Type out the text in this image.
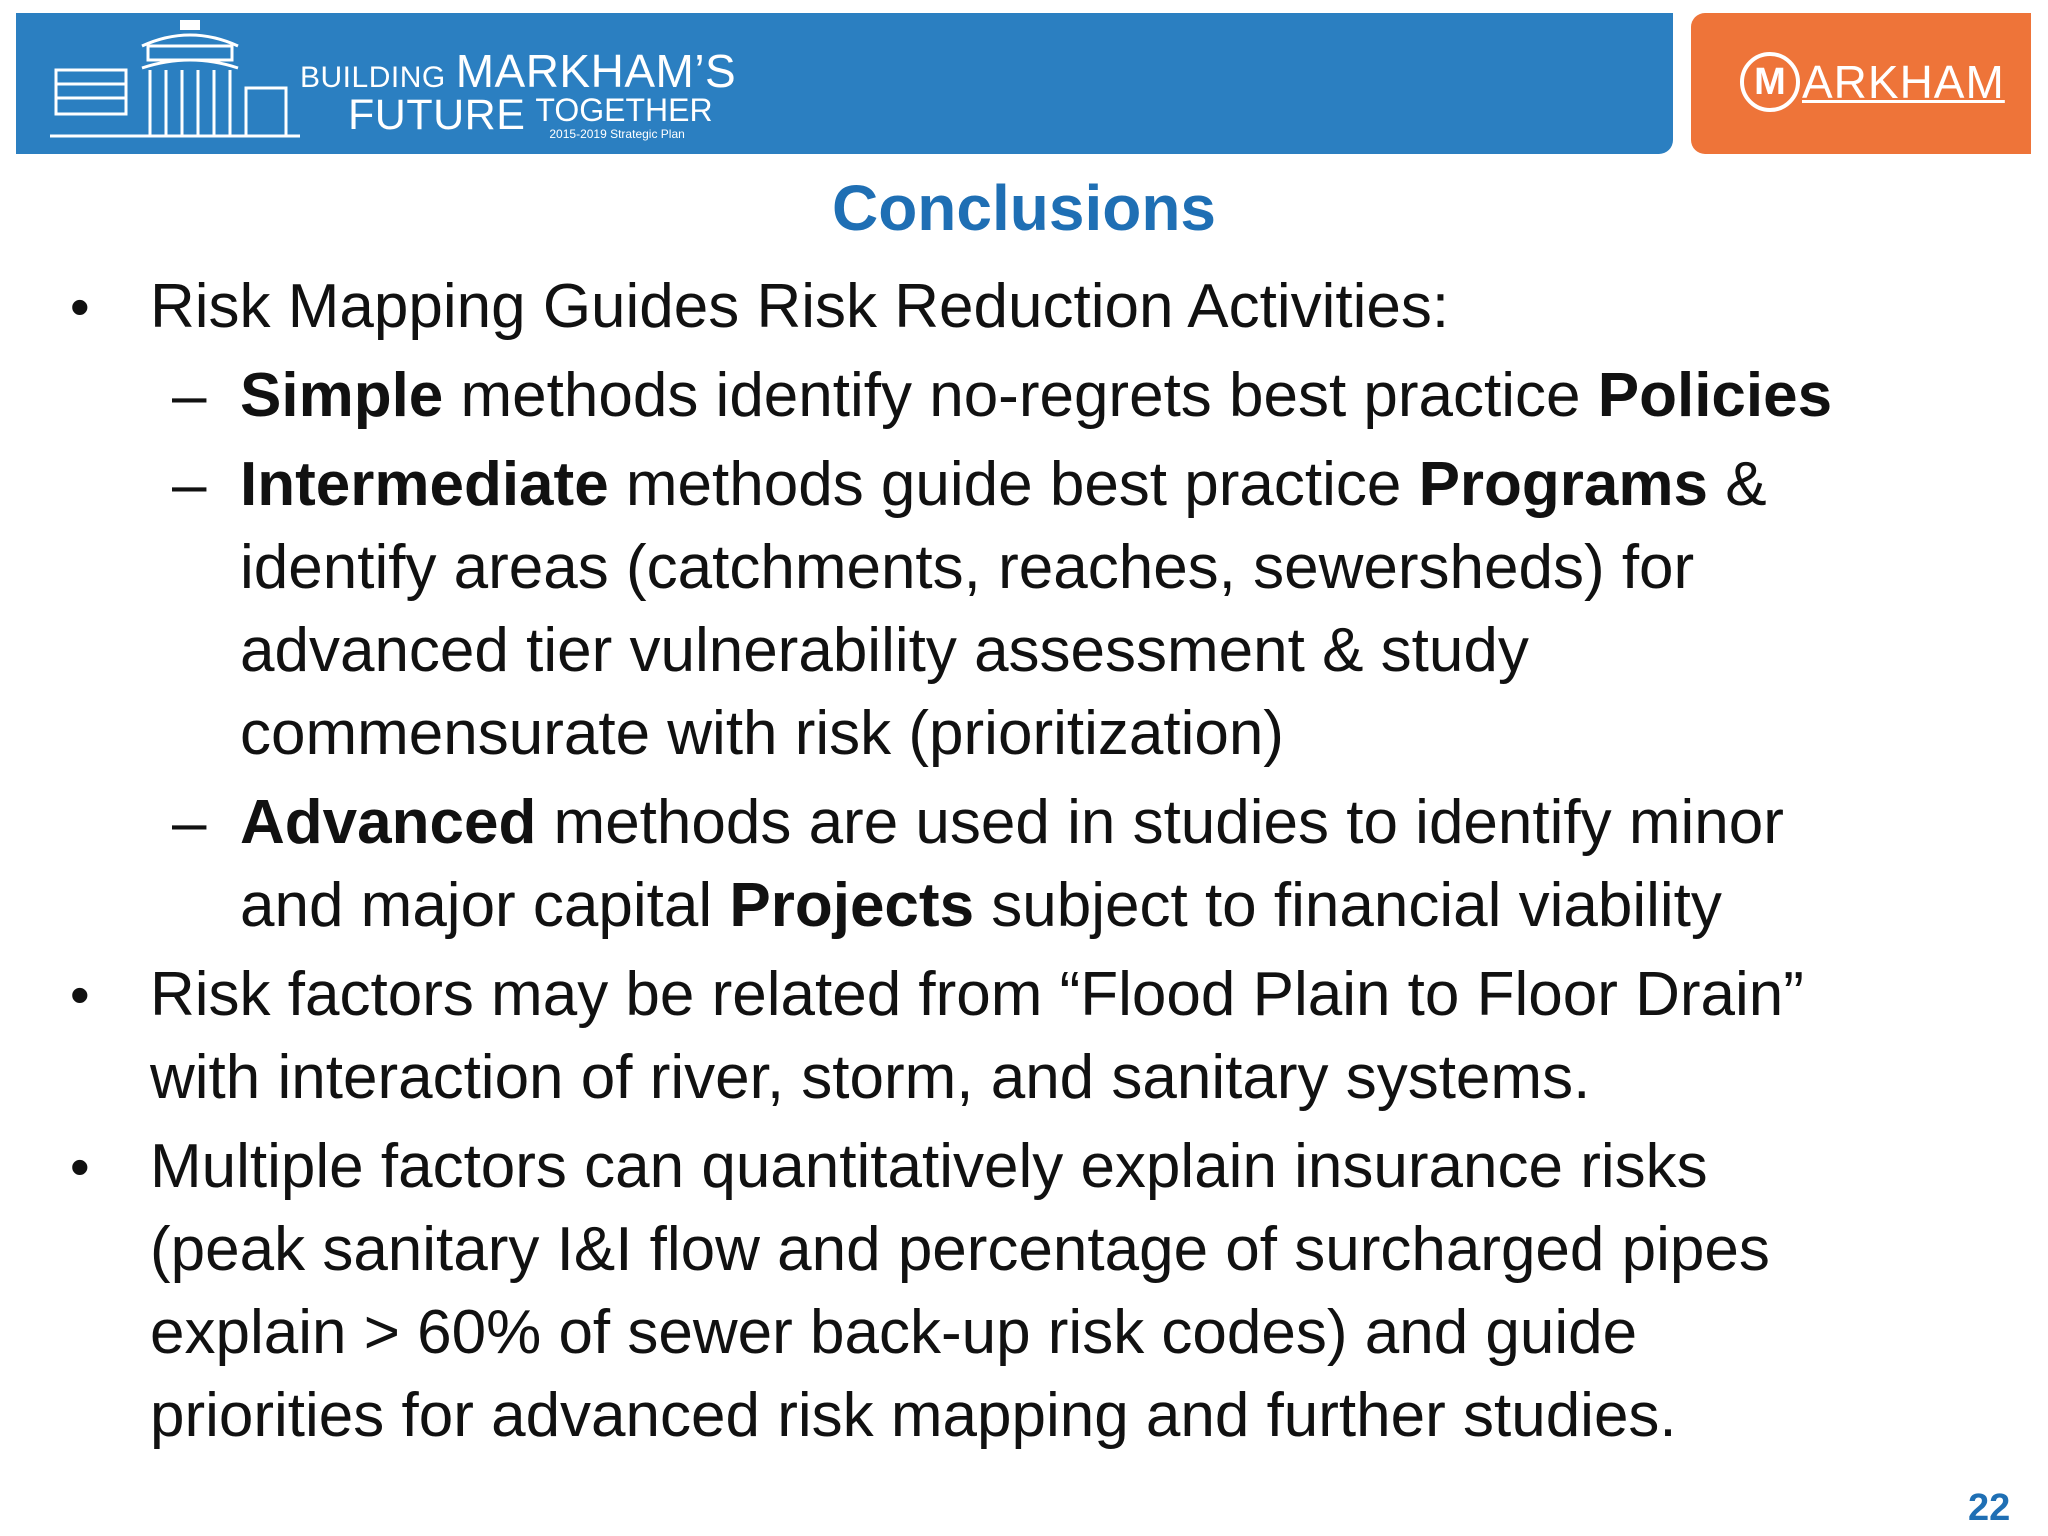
BUILDING MARKHAM’S
FUTURE TOGETHER
2015-2019 Strategic Plan
M ARKHAM
Conclusions
• Risk Mapping Guides Risk Reduction Activities:
– Simple methods identify no-regrets best practice Policies
– Intermediate methods guide best practice Programs &
identify areas (catchments, reaches, sewersheds) for
advanced tier vulnerability assessment & study
commensurate with risk (prioritization)
– Advanced methods are used in studies to identify minor
and major capital Projects subject to financial viability
• Risk factors may be related from “Flood Plain to Floor Drain”
with interaction of river, storm, and sanitary systems.
• Multiple factors can quantitatively explain insurance risks
(peak sanitary I&I flow and percentage of surcharged pipes
explain > 60% of sewer back-up risk codes) and guide
priorities for advanced risk mapping and further studies.
22
